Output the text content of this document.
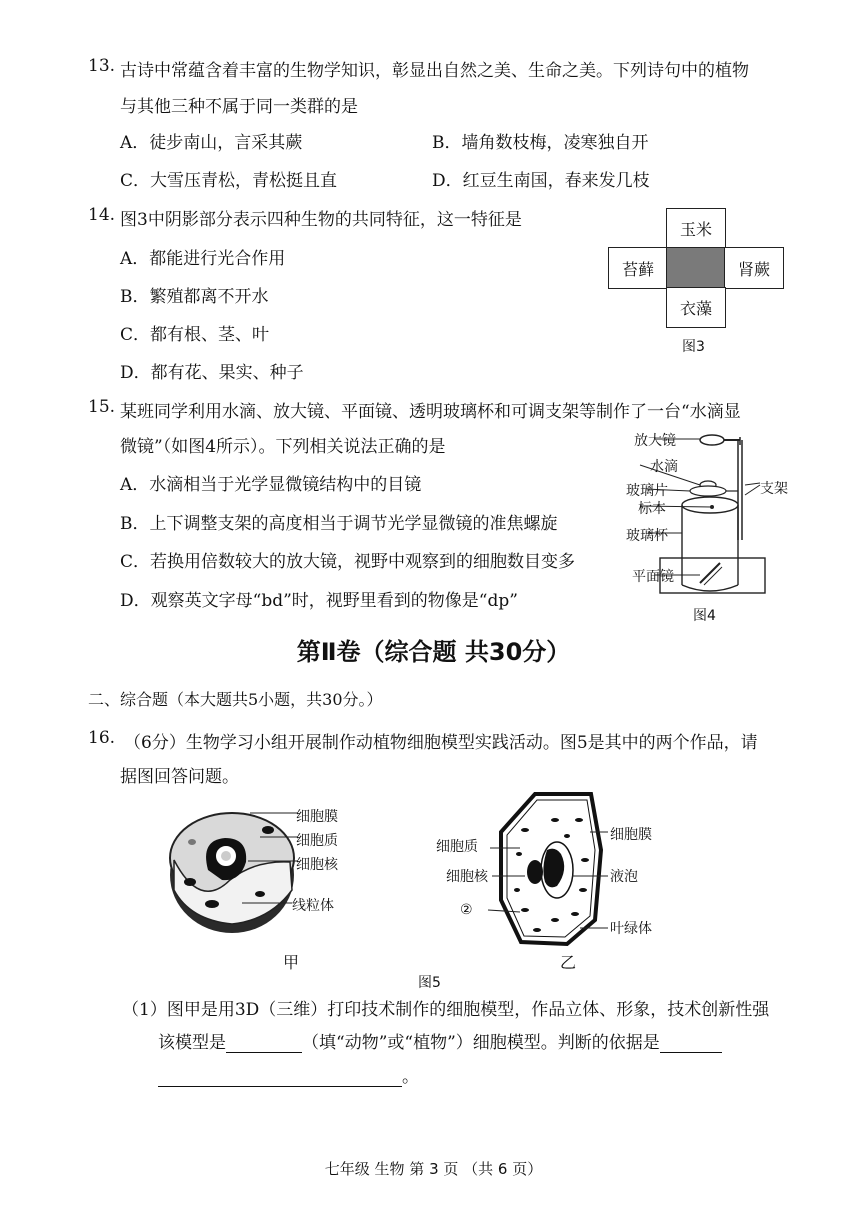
13. 古诗中常蕴含着丰富的生物学知识，彰显出自然之美、生命之美。下列诗句中的植物
与其他三种不属于同一类群的是
A．徒步南山，言采其蕨	B．墙角数枝梅，凌寒独自开
C．大雪压青松，青松挺且直	D．红豆生南国，春来发几枝
14. 图3中阴影部分表示四种生物的共同特征，这一特征是
A．都能进行光合作用
B．繁殖都离不开水
C．都有根、茎、叶
D．都有花、果实、种子
玉米
苔藓	肾蕨
衣藻
图3
15. 某班同学利用水滴、放大镜、平面镜、透明玻璃杯和可调支架等制作了一台“水滴显
微镜”（如图4所示）。下列相关说法正确的是
A．水滴相当于光学显微镜结构中的目镜
B．上下调整支架的高度相当于调节光学显微镜的准焦螺旋
C．若换用倍数较大的放大镜，视野中观察到的细胞数目变多
D．观察英文字母“bd”时，视野里看到的物像是“dp”
放大镜
水滴
玻璃片
标本
玻璃杯
平面镜
支架
图4
第Ⅱ卷（综合题 共30分）
二、综合题（本大题共5小题，共30分。）
16. （6分）生物学习小组开展制作动植物细胞模型实践活动。图5是其中的两个作品，请
据图回答问题。
细胞膜
细胞质
细胞核
线粒体
甲
细胞质
细胞核
②
细胞膜
液泡
叶绿体
乙
图5
（1）图甲是用3D（三维）打印技术制作的细胞模型，作品立体、形象，技术创新性强
该模型是	（填“动物”或“植物”）细胞模型。判断的依据是
。
七年级 生物 第 3 页 （共 6 页）
